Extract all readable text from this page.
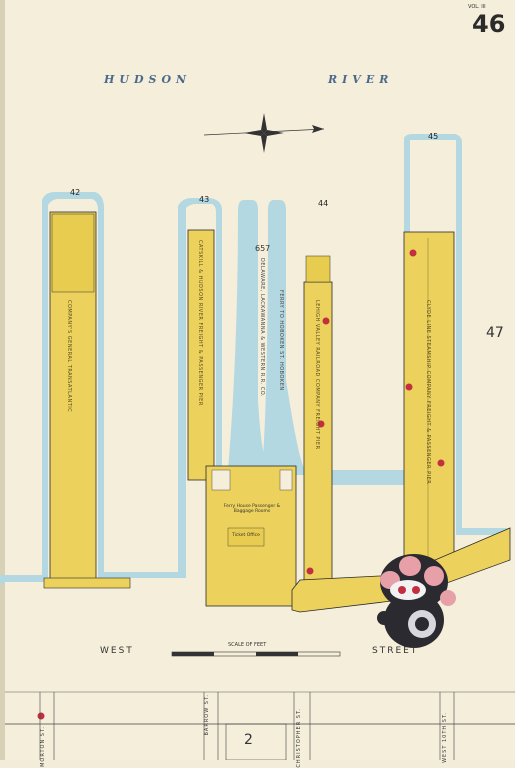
VOL. III
46
HUDSON	RIVER
42
43	44
45
657
47
COMPANY'S GENERAL TRANSATLANTIC	CATSKILL & HUDSON RIVER FREIGHT & PASSENGER PIER	LEHIGH VALLEY RAILROAD COMPANY FREIGHT PIER	CLYDE LINE STEAMSHIP COMPANY FREIGHT & PASSENGER PIER
DELAWARE, LACKAWANNA & WESTERN R.R. CO.	FERRY TO HOBOKEN ST. HOBOKEN
Ferry House Passenger & Baggage Rooms
Ticket Office
WEST	STREET
SCALE OF FEET
MORTON ST.
BARROW ST.	CHRISTOPHER ST.	WEST 10TH ST.
2
